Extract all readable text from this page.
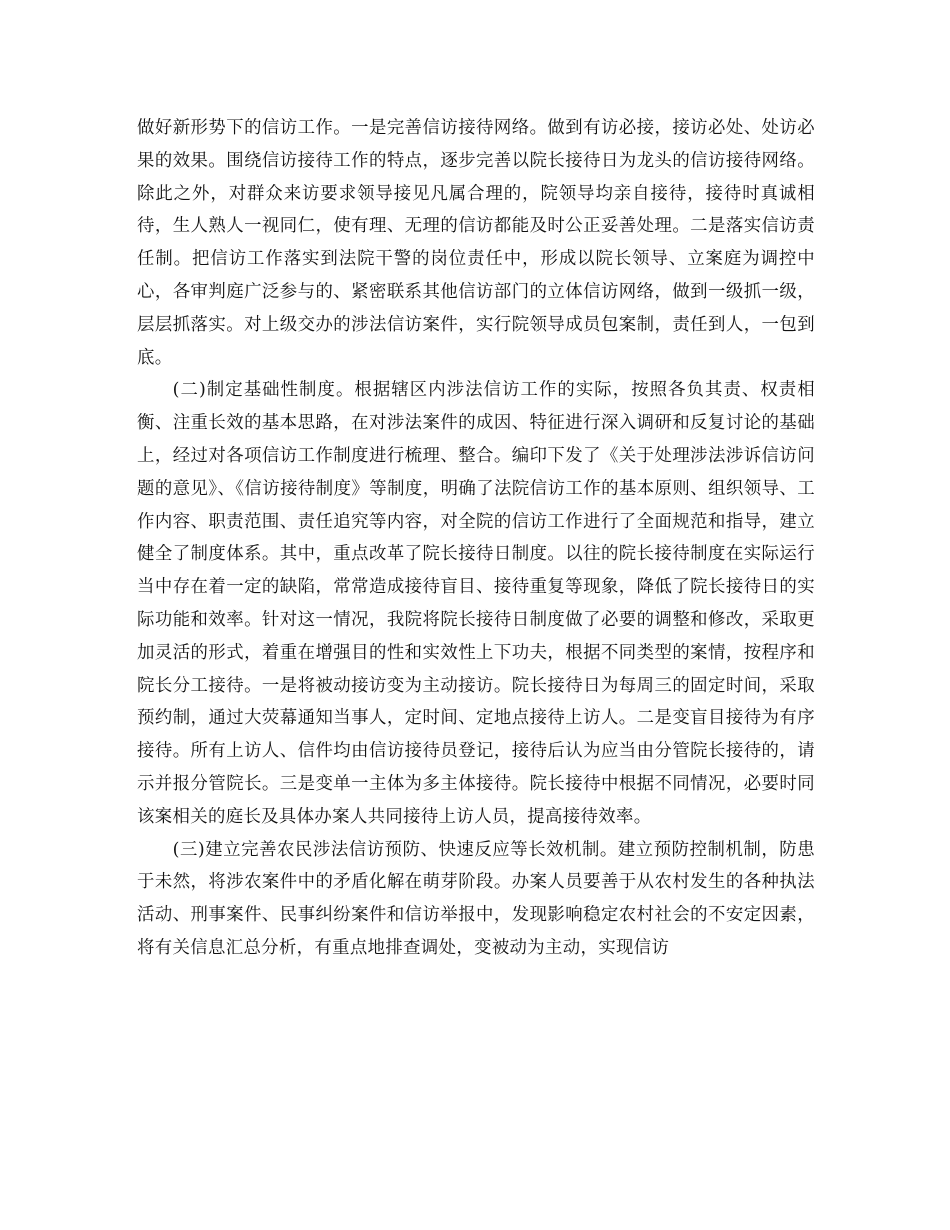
做好新形势下的信访工作。一是完善信访接待网络。做到有访必接，接访必处、处访必果的效果。围绕信访接待工作的特点，逐步完善以院长接待日为龙头的信访接待网络。除此之外，对群众来访要求领导接见凡属合理的，院领导均亲自接待，接待时真诚相待，生人熟人一视同仁，使有理、无理的信访都能及时公正妥善处理。二是落实信访责任制。把信访工作落实到法院干警的岗位责任中，形成以院长领导、立案庭为调控中心，各审判庭广泛参与的、紧密联系其他信访部门的立体信访网络，做到一级抓一级，层层抓落实。对上级交办的涉法信访案件，实行院领导成员包案制，责任到人，一包到底。

(二)制定基础性制度。根据辖区内涉法信访工作的实际，按照各负其责、权责相衡、注重长效的基本思路，在对涉法案件的成因、特征进行深入调研和反复讨论的基础上，经过对各项信访工作制度进行梳理、整合。编印下发了《关于处理涉法涉诉信访问题的意见》、《信访接待制度》等制度，明确了法院信访工作的基本原则、组织领导、工作内容、职责范围、责任追究等内容，对全院的信访工作进行了全面规范和指导，建立健全了制度体系。其中，重点改革了院长接待日制度。以往的院长接待制度在实际运行当中存在着一定的缺陷，常常造成接待盲目、接待重复等现象，降低了院长接待日的实际功能和效率。针对这一情况，我院将院长接待日制度做了必要的调整和修改，采取更加灵活的形式，着重在增强目的性和实效性上下功夫，根据不同类型的案情，按程序和院长分工接待。一是将被动接访变为主动接访。院长接待日为每周三的固定时间，采取预约制，通过大荧幕通知当事人，定时间、定地点接待上访人。二是变盲目接待为有序接待。所有上访人、信件均由信访接待员登记，接待后认为应当由分管院长接待的，请示并报分管院长。三是变单一主体为多主体接待。院长接待中根据不同情况，必要时同该案相关的庭长及具体办案人共同接待上访人员，提高接待效率。

(三)建立完善农民涉法信访预防、快速反应等长效机制。建立预防控制机制，防患于未然，将涉农案件中的矛盾化解在萌芽阶段。办案人员要善于从农村发生的各种执法活动、刑事案件、民事纠纷案件和信访举报中，发现影响稳定农村社会的不安定因素，将有关信息汇总分析，有重点地排查调处，变被动为主动，实现信访
